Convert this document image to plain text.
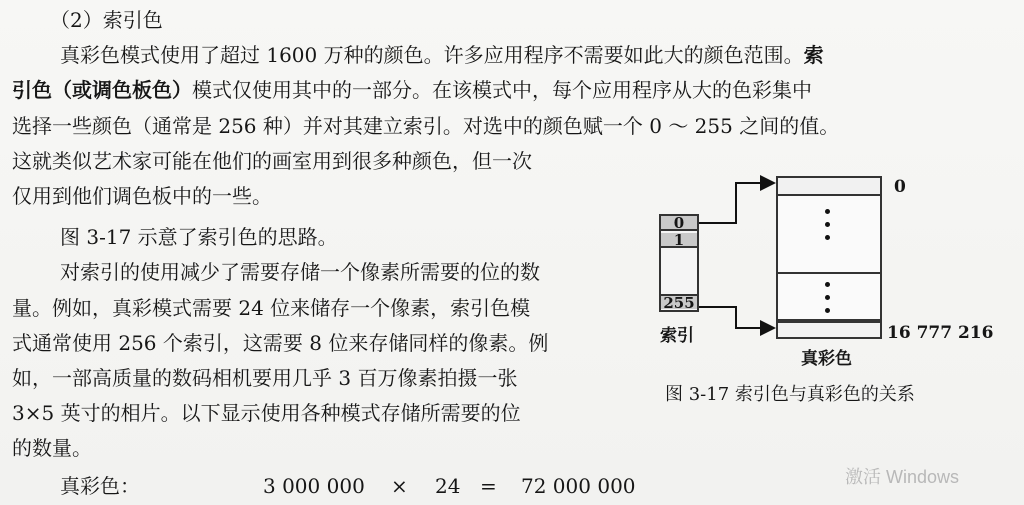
（2）索引色
真彩色模式使用了超过 1600 万种的颜色。许多应用程序不需要如此大的颜色范围。索
引色（或调色板色）模式仅使用其中的一部分。在该模式中，每个应用程序从大的色彩集中
选择一些颜色（通常是 256 种）并对其建立索引。对选中的颜色赋一个 0 ～ 255 之间的值。
这就类似艺术家可能在他们的画室用到很多种颜色，但一次
仅用到他们调色板中的一些。
图 3-17 示意了索引色的思路。
对索引的使用减少了需要存储一个像素所需要的位的数
量。例如，真彩模式需要 24 位来储存一个像素，索引色模
式通常使用 256 个索引，这需要 8 位来存储同样的像素。例
如，一部高质量的数码相机要用几乎 3 百万像素拍摄一张
3×5 英寸的相片。以下显示使用各种模式存储所需要的位
的数量。
真彩色：	3 000 000 × 24 = 72 000 000
0
1
255
索引
0
16 777 216
真彩色
图 3-17 索引色与真彩色的关系
激活 Windows
